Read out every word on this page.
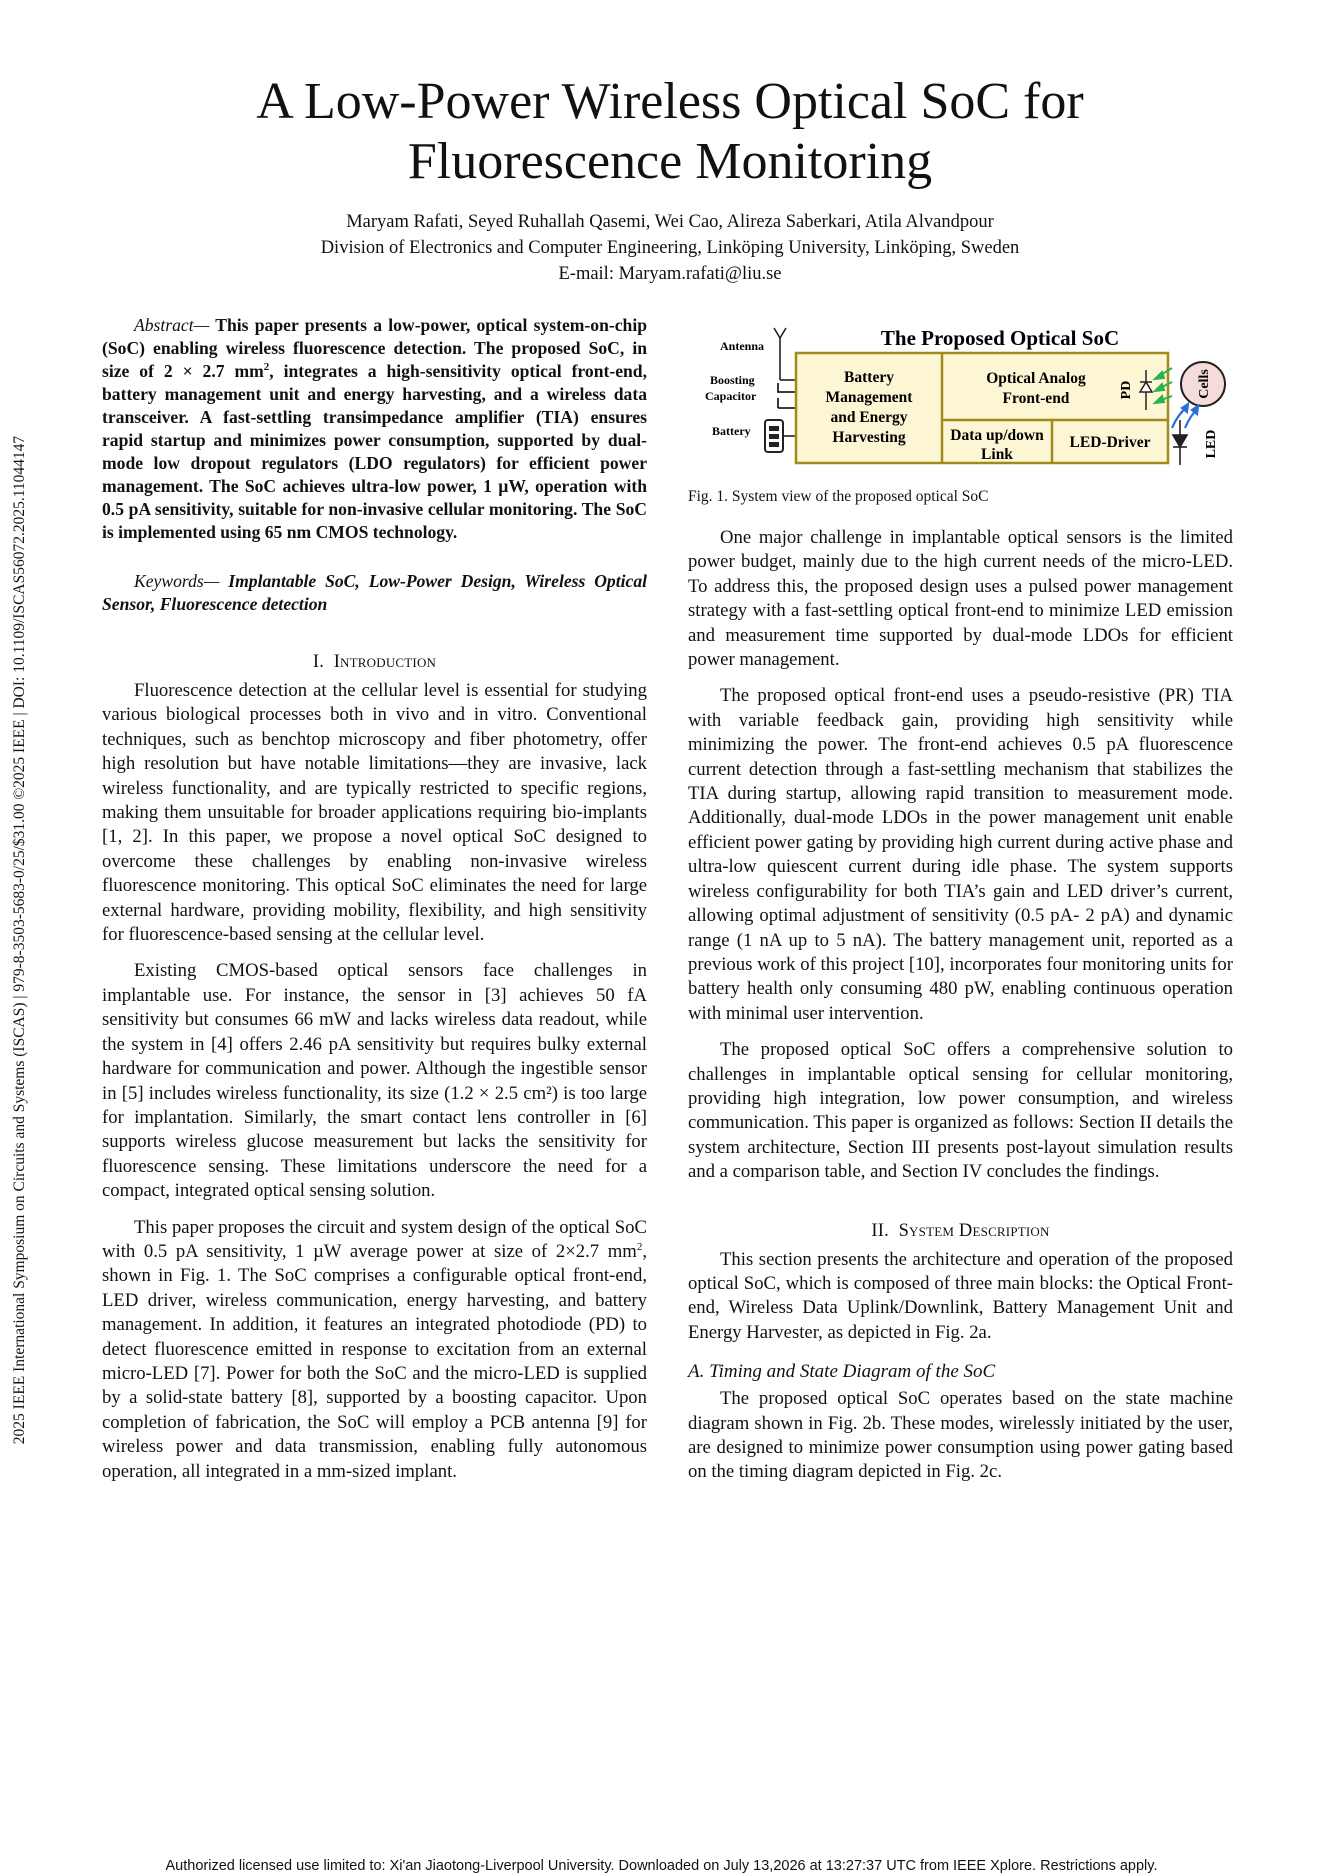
A Low-Power Wireless Optical SoC for
Fluorescence Monitoring
Maryam Rafati, Seyed Ruhallah Qasemi, Wei Cao, Alireza Saberkari, Atila Alvandpour
Division of Electronics and Computer Engineering, Linköping University, Linköping, Sweden
E-mail: Maryam.rafati@liu.se
2025 IEEE International Symposium on Circuits and Systems (ISCAS) | 979-8-3503-5683-0/25/$31.00 ©2025 IEEE | DOI: 10.1109/ISCAS56072.2025.11044147

Abstract— This paper presents a low-power, optical system-on-chip (SoC) enabling wireless fluorescence detection. The proposed SoC, in size of 2 × 2.7 $mm^2$, integrates a high-sensitivity optical front-end, battery management unit and energy harvesting, and a wireless data transceiver. A fast-settling transimpedance amplifier (TIA) ensures rapid startup and minimizes power consumption, supported by dual-mode low dropout regulators (LDO regulators) for efficient power management. The SoC achieves ultra-low power, 1 µW, operation with 0.5 pA sensitivity, suitable for non-invasive cellular monitoring. The SoC is implemented using 65 nm CMOS technology.

Keywords— Implantable SoC, Low-Power Design, Wireless Optical Sensor, Fluorescence detection

I. Introduction

Fluorescence detection at the cellular level is essential for studying various biological processes both in vivo and in vitro. Conventional techniques, such as benchtop microscopy and fiber photometry, offer high resolution but have notable limitations—they are invasive, lack wireless functionality, and are typically restricted to specific regions, making them unsuitable for broader applications requiring bio-implants [1, 2]. In this paper, we propose a novel optical SoC designed to overcome these challenges by enabling non-invasive wireless fluorescence monitoring. This optical SoC eliminates the need for large external hardware, providing mobility, flexibility, and high sensitivity for fluorescence-based sensing at the cellular level.

Existing CMOS-based optical sensors face challenges in implantable use. For instance, the sensor in [3] achieves 50 fA sensitivity but consumes 66 mW and lacks wireless data readout, while the system in [4] offers 2.46 pA sensitivity but requires bulky external hardware for communication and power. Although the ingestible sensor in [5] includes wireless functionality, its size (1.2 × 2.5 cm²) is too large for implantation. Similarly, the smart contact lens controller in [6] supports wireless glucose measurement but lacks the sensitivity for fluorescence sensing. These limitations underscore the need for a compact, integrated optical sensing solution.

This paper proposes the circuit and system design of the optical SoC with 0.5 pA sensitivity, 1 µW average power at size of 2×2.7 $mm^2$, shown in Fig. 1. The SoC comprises a configurable optical front-end, LED driver, wireless communication, energy harvesting, and battery management. In addition, it features an integrated photodiode (PD) to detect fluorescence emitted in response to excitation from an external micro-LED [7]. Power for both the SoC and the micro-LED is supplied by a solid-state battery [8], supported by a boosting capacitor. Upon completion of fabrication, the SoC will employ a PCB antenna [9] for wireless power and data transmission, enabling fully autonomous operation, all integrated in a mm-sized implant.

The Proposed Optical SoC
Antenna
Boosting
Capacitor
Battery
Battery
Management
and Energy
Harvesting
Optical Analog
Front-end
Data up/down
Link
LED-Driver
PD	Cells
LED
Fig. 1. System view of the proposed optical SoC

One major challenge in implantable optical sensors is the limited power budget, mainly due to the high current needs of the micro-LED. To address this, the proposed design uses a pulsed power management strategy with a fast-settling optical front-end to minimize LED emission and measurement time supported by dual-mode LDOs for efficient power management.

The proposed optical front-end uses a pseudo-resistive (PR) TIA with variable feedback gain, providing high sensitivity while minimizing the power. The front-end achieves 0.5 pA fluorescence current detection through a fast-settling mechanism that stabilizes the TIA during startup, allowing rapid transition to measurement mode. Additionally, dual-mode LDOs in the power management unit enable efficient power gating by providing high current during active phase and ultra-low quiescent current during idle phase. The system supports wireless configurability for both TIA’s gain and LED driver’s current, allowing optimal adjustment of sensitivity (0.5 pA- 2 pA) and dynamic range (1 nA up to 5 nA). The battery management unit, reported as a previous work of this project [10], incorporates four monitoring units for battery health only consuming 480 pW, enabling continuous operation with minimal user intervention.

The proposed optical SoC offers a comprehensive solution to challenges in implantable optical sensing for cellular monitoring, providing high integration, low power consumption, and wireless communication. This paper is organized as follows: Section II details the system architecture, Section III presents post-layout simulation results and a comparison table, and Section IV concludes the findings.

II. System Description

This section presents the architecture and operation of the proposed optical SoC, which is composed of three main blocks: the Optical Front-end, Wireless Data Uplink/Downlink, Battery Management Unit and Energy Harvester, as depicted in Fig. 2a.

A. Timing and State Diagram of the SoC

The proposed optical SoC operates based on the state machine diagram shown in Fig. 2b. These modes, wirelessly initiated by the user, are designed to minimize power consumption using power gating based on the timing diagram depicted in Fig. 2c.

Authorized licensed use limited to: Xi'an Jiaotong-Liverpool University. Downloaded on July 13,2026 at 13:27:37 UTC from IEEE Xplore. Restrictions apply.
